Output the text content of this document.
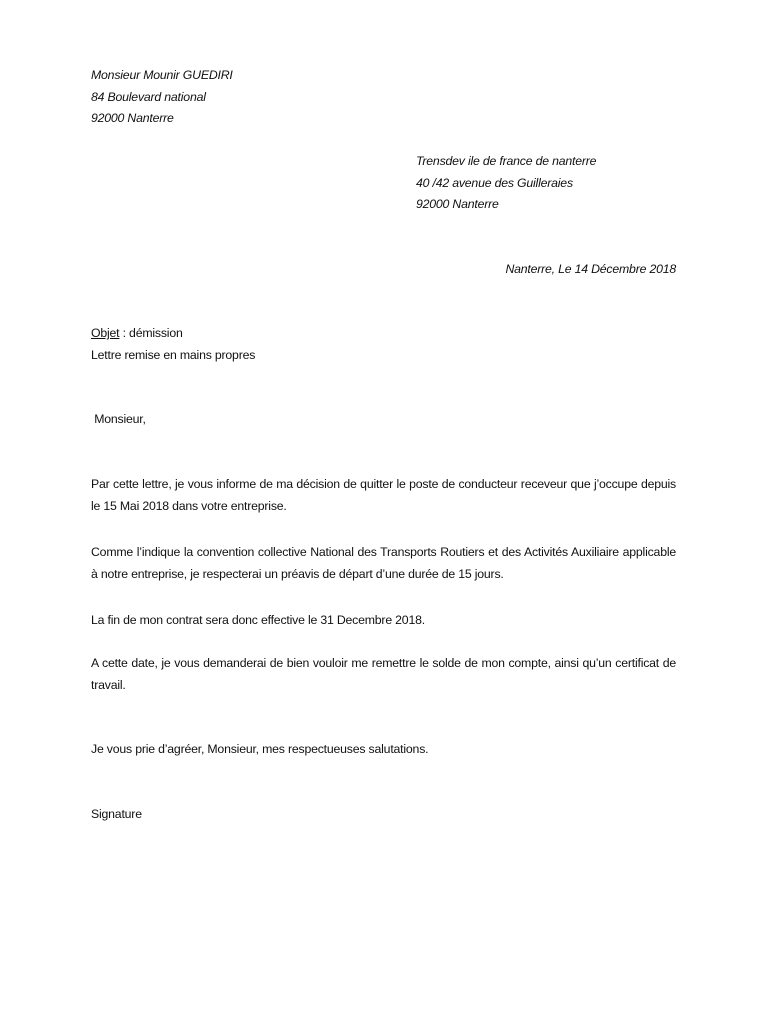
Monsieur Mounir GUEDIRI
84 Boulevard national
92000 Nanterre
Trensdev ile de france de nanterre
40 /42 avenue des Guilleraies
92000 Nanterre
Nanterre, Le 14 Décembre 2018
Objet : démission
Lettre remise en mains propres
Monsieur,
Par cette lettre, je vous informe de ma décision de quitter le poste de conducteur receveur que j’occupe depuis le 15 Mai 2018 dans votre entreprise.
Comme l’indique la convention collective National des Transports Routiers et des Activités Auxiliaire applicable à notre entreprise, je respecterai un préavis de départ d’une durée de 15 jours.
La fin de mon contrat sera donc effective le 31 Decembre 2018.
A cette date, je vous demanderai de bien vouloir me remettre le solde de mon compte, ainsi qu’un certificat de travail.
Je vous prie d’agréer, Monsieur, mes respectueuses salutations.
Signature
